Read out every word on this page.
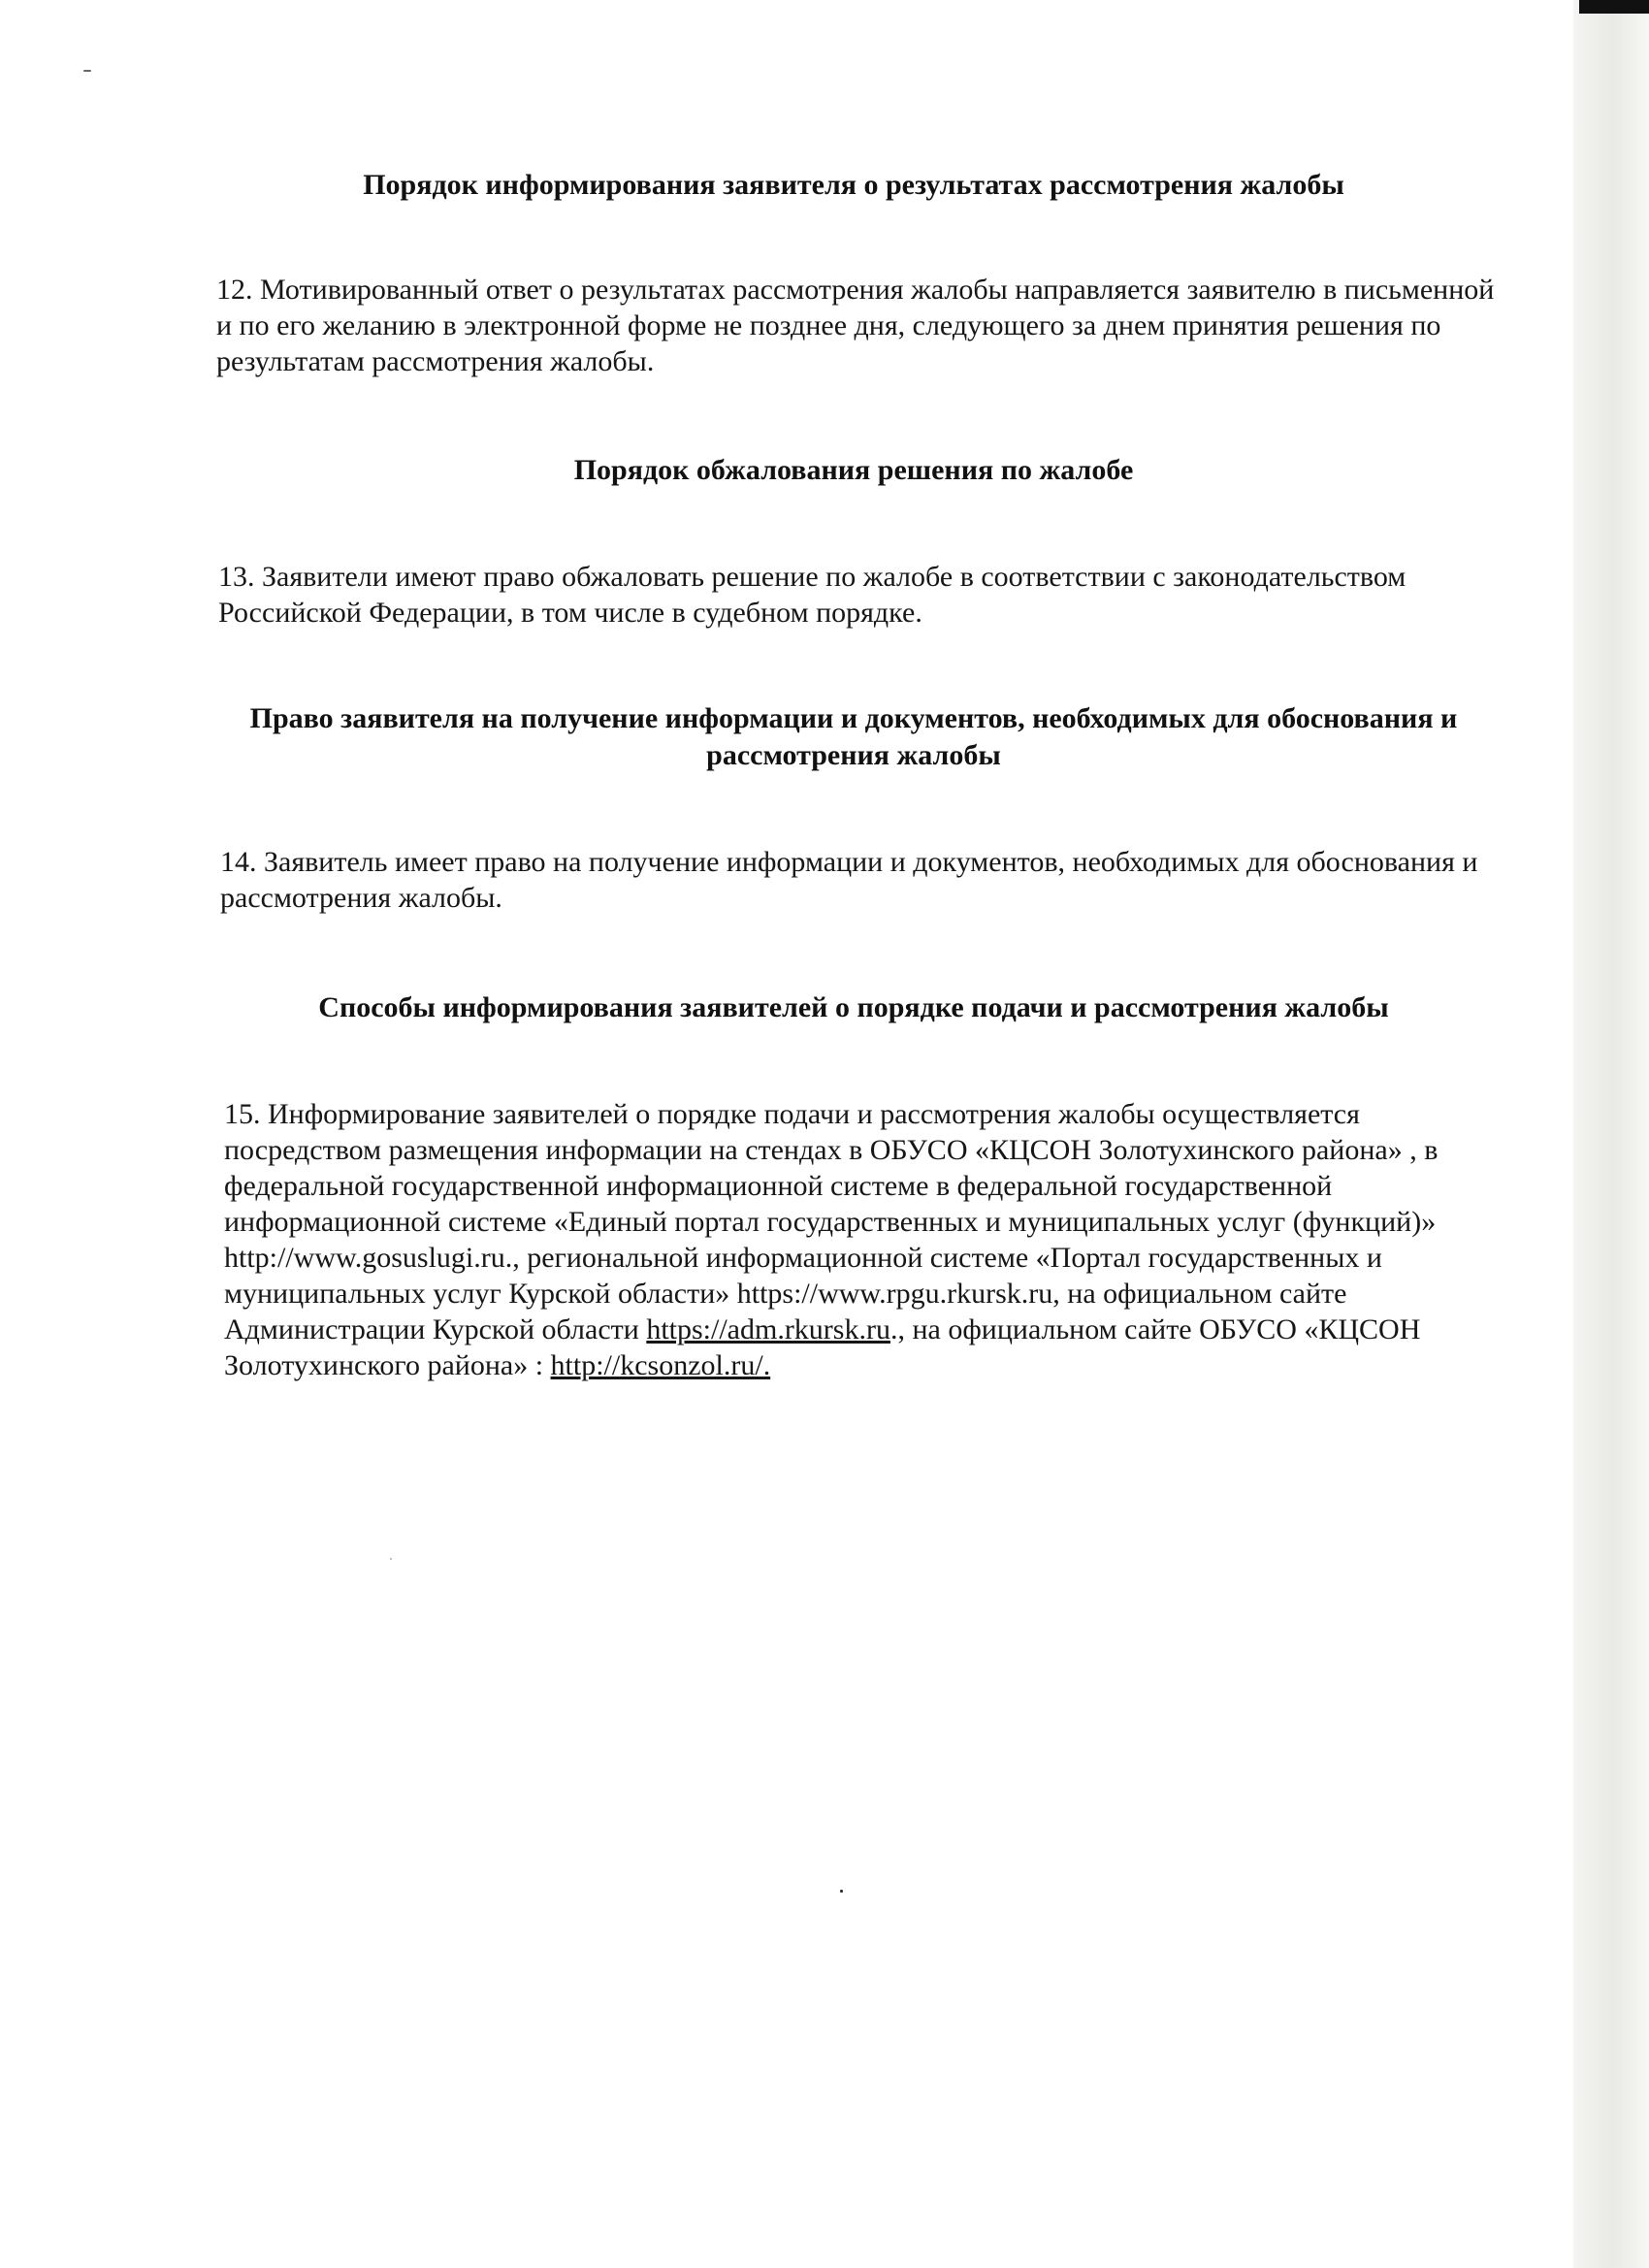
Порядок информирования заявителя о результатах рассмотрения жалобы

12. Мотивированный ответ о результатах рассмотрения жалобы направляется заявителю в письменной и по его желанию в электронной форме не позднее дня, следующего за днем принятия решения по результатам рассмотрения жалобы.

Порядок обжалования решения по жалобе

13. Заявители имеют право обжаловать решение по жалобе в соответствии с законодательством Российской Федерации, в том числе в судебном порядке.

Право заявителя на получение информации и документов, необходимых для обоснования и рассмотрения жалобы

14. Заявитель имеет право на получение информации и документов, необходимых для обоснования и рассмотрения жалобы.

Способы информирования заявителей о порядке подачи и рассмотрения жалобы

15. Информирование заявителей о порядке подачи и рассмотрения жалобы осуществляется посредством размещения информации на стендах в ОБУСО «КЦСОН Золотухинского района» , в федеральной государственной информационной системе в федеральной государственной информационной системе «Единый портал государственных и муниципальных услуг (функций)» http://www.gosuslugi.ru., региональной информационной системе «Портал государственных и муниципальных услуг Курской области» https://www.rpgu.rkursk.ru, на официальном сайте Администрации Курской области https://adm.rkursk.ru., на официальном сайте ОБУСО «КЦСОН Золотухинского района» : http://kcsonzol.ru/.
